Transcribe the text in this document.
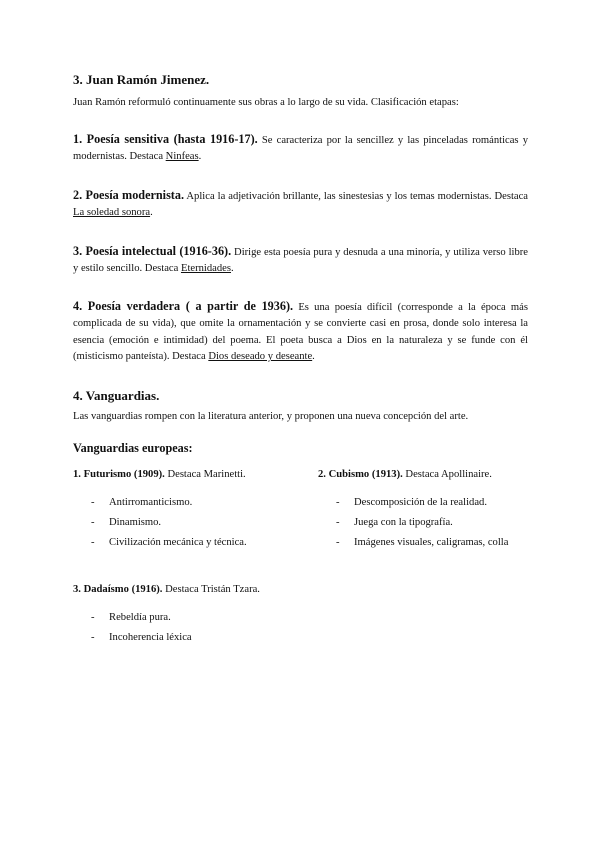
3. Juan Ramón Jimenez.

Juan Ramón reformuló continuamente sus obras a lo largo de su vida. Clasificación etapas:

1. Poesía sensitiva (hasta 1916-17). Se caracteriza por la sencillez y las pinceladas románticas y modernistas. Destaca Ninfeas.

2. Poesía modernista. Aplica la adjetivación brillante, las sinestesias y los temas modernistas. Destaca La soledad sonora.

3. Poesía intelectual (1916-36). Dirige esta poesía pura y desnuda a una minoría, y utiliza verso libre y estilo sencillo. Destaca Eternidades.

4. Poesía verdadera ( a partir de 1936). Es una poesía difícil (corresponde a la época más complicada de su vida), que omite la ornamentación y se convierte casi en prosa, donde solo interesa la esencia (emoción e intimidad) del poema. El poeta busca a Dios en la naturaleza y se funde con él (misticismo panteísta). Destaca Dios deseado y deseante.

4. Vanguardias.

Las vanguardias rompen con la literatura anterior, y proponen una nueva concepción del arte.

Vanguardias europeas:

1. Futurismo (1909). Destaca Marinetti.
- Antirromanticismo.
- Dinamismo.
- Civilización mecánica y técnica.
2. Cubismo (1913). Destaca Apollinaire.
- Descomposición de la realidad.
- Juega con la tipografía.
- Imágenes visuales, caligramas, colla
3. Dadaísmo (1916). Destaca Tristán Tzara.
- Rebeldía pura.
- Incoherencia léxica
